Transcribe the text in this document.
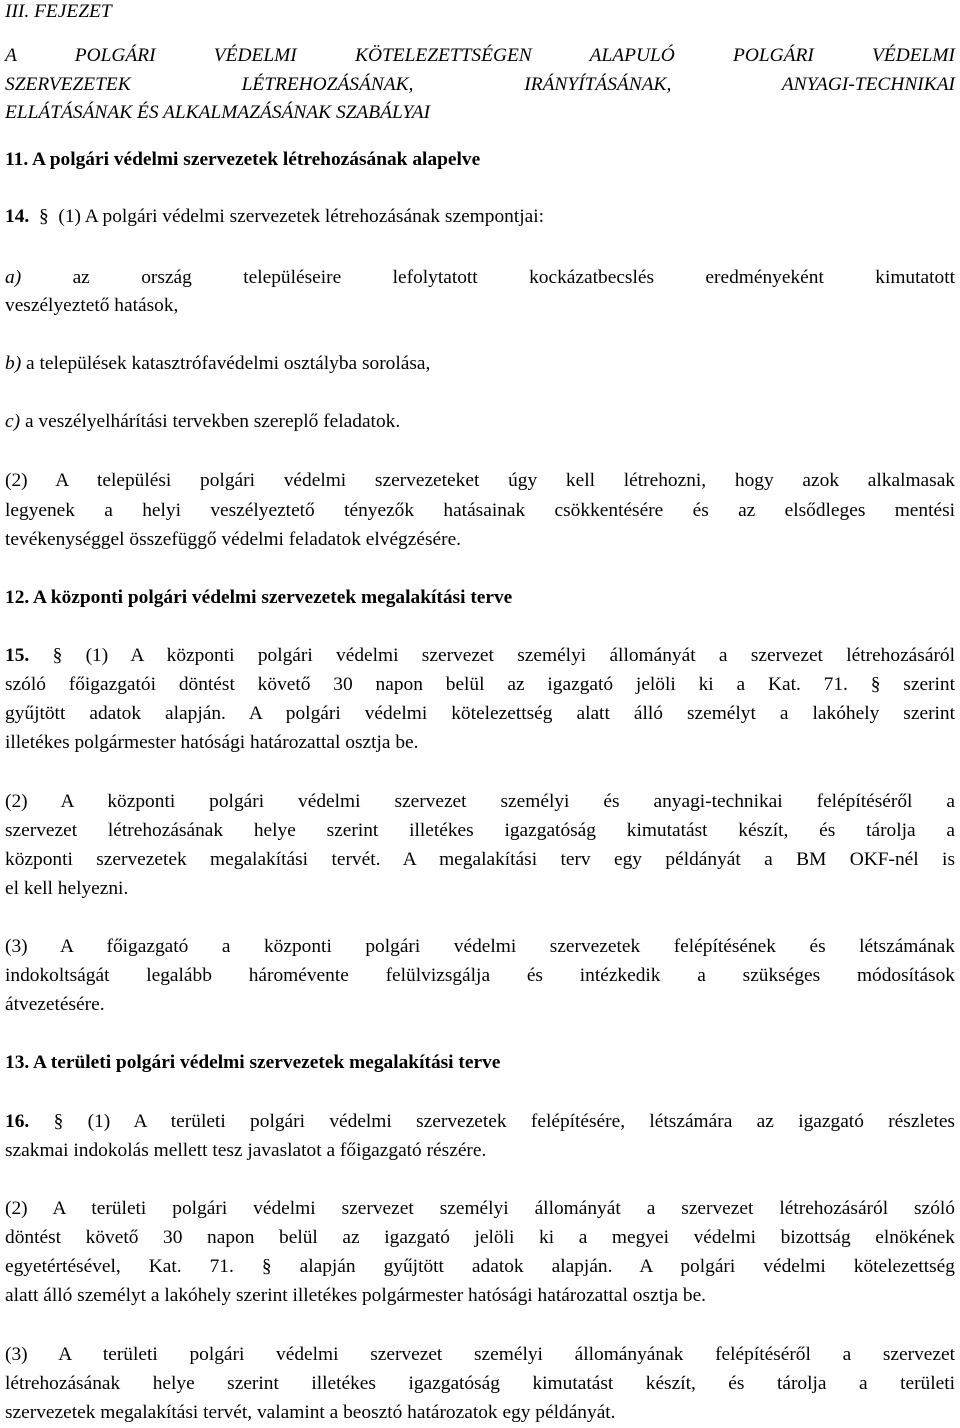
III. FEJEZET
A POLGÁRI VÉDELMI KÖTELEZETTSÉGEN ALAPULÓ POLGÁRI VÉDELMI
SZERVEZETEK LÉTREHOZÁSÁNAK, IRÁNYÍTÁSÁNAK, ANYAGI-TECHNIKAI
ELLÁTÁSÁNAK ÉS ALKALMAZÁSÁNAK SZABÁLYAI
11. A polgári védelmi szervezetek létrehozásának alapelve
14. § (1) A polgári védelmi szervezetek létrehozásának szempontjai:
a)	az ország településeire lefolytatott kockázatbecslés eredményeként kimutatott
veszélyeztető hatások,
b) a települések katasztrófavédelmi osztályba sorolása,
c) a veszélyelhárítási tervekben szereplő feladatok.
(2) A települési polgári védelmi szervezeteket úgy kell létrehozni, hogy azok alkalmasak
legyenek a helyi veszélyeztető tényezők hatásainak csökkentésére és az elsődleges mentési
tevékenységgel összefüggő védelmi feladatok elvégzésére.
12. A központi polgári védelmi szervezetek megalakítási terve
15. § (1) A központi polgári védelmi szervezet személyi állományát a szervezet létrehozásáról
szóló főigazgatói döntést követő 30 napon belül az igazgató jelöli ki a Kat. 71. § szerint
gyűjtött adatok alapján. A polgári védelmi kötelezettség alatt álló személyt a lakóhely szerint
illetékes polgármester hatósági határozattal osztja be.
(2) A központi polgári védelmi szervezet személyi és anyagi-technikai felépítéséről a
szervezet létrehozásának helye szerint illetékes igazgatóság kimutatást készít, és tárolja a
központi szervezetek megalakítási tervét. A megalakítási terv egy példányát a BM OKF-nél is
el kell helyezni.
(3) A főigazgató a központi polgári védelmi szervezetek felépítésének és létszámának
indokoltságát legalább háromévente felülvizsgálja és intézkedik a szükséges módosítások
átvezetésére.
13. A területi polgári védelmi szervezetek megalakítási terve
16. § (1) A területi polgári védelmi szervezetek felépítésére, létszámára az igazgató részletes
szakmai indokolás mellett tesz javaslatot a főigazgató részére.
(2) A területi polgári védelmi szervezet személyi állományát a szervezet létrehozásáról szóló
döntést követő 30 napon belül az igazgató jelöli ki a megyei védelmi bizottság elnökének
egyetértésével, Kat. 71. § alapján gyűjtött adatok alapján. A polgári védelmi kötelezettség
alatt álló személyt a lakóhely szerint illetékes polgármester hatósági határozattal osztja be.
(3) A területi polgári védelmi szervezet személyi állományának felépítéséről a szervezet
létrehozásának helye szerint illetékes igazgatóság kimutatást készít, és tárolja a területi
szervezetek megalakítási tervét, valamint a beosztó határozatok egy példányát.
